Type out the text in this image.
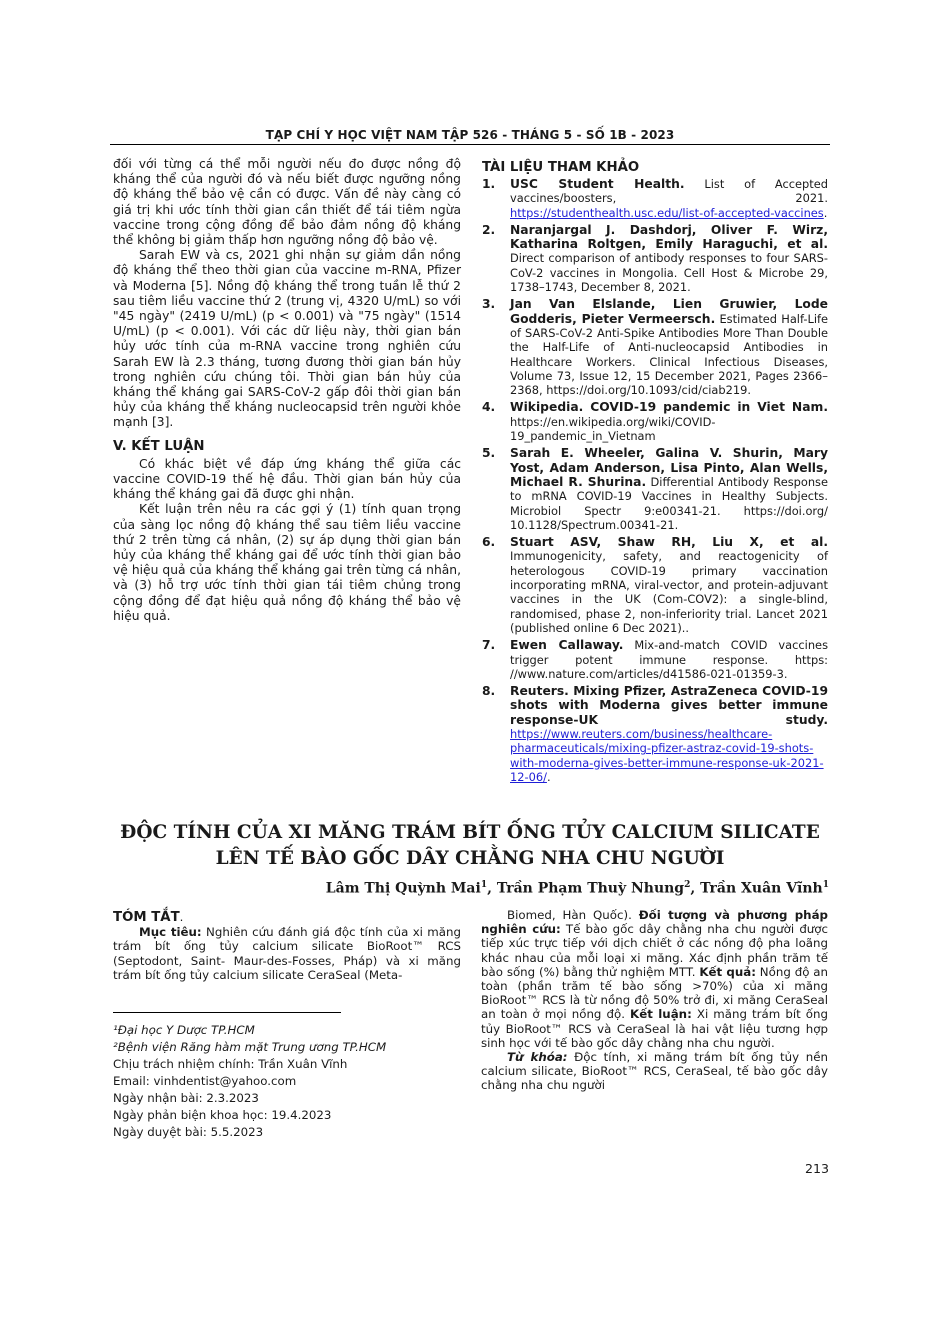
TẠP CHÍ Y HỌC VIỆT NAM TẬP 526 - THÁNG 5 - SỐ 1B - 2023

đối với từng cá thể mỗi người nếu đo được nồng độ kháng thể của người đó và nếu biết được ngưỡng nồng độ kháng thể bảo vệ cần có được. Vấn đề này càng có giá trị khi ước tính thời gian cần thiết để tái tiêm ngừa vaccine trong cộng đồng để bảo đảm nồng độ kháng thể không bị giảm thấp hơn ngưỡng nồng độ bảo vệ.

Sarah EW và cs, 2021 ghi nhận sự giảm dần nồng độ kháng thể theo thời gian của vaccine m-RNA, Pfizer và Moderna [5]. Nồng độ kháng thể trong tuần lễ thứ 2 sau tiêm liều vaccine thứ 2 (trung vị, 4320 U/mL) so với "45 ngày" (2419 U/mL) (p < 0.001) và "75 ngày" (1514 U/mL) (p < 0.001). Với các dữ liệu này, thời gian bán hủy ước tính của m-RNA vaccine trong nghiên cứu Sarah EW là 2.3 tháng, tương đương thời gian bán hủy trong nghiên cứu chúng tôi. Thời gian bán hủy của kháng thể kháng gai SARS-CoV-2 gấp đôi thời gian bán hủy của kháng thể kháng nucleocapsid trên người khỏe mạnh [3].

V. KẾT LUẬN

Có khác biệt về đáp ứng kháng thể giữa các vaccine COVID-19 thế hệ đầu. Thời gian bán hủy của kháng thể kháng gai đã được ghi nhận.

Kết luận trên nêu ra các gợi ý (1) tính quan trọng của sàng lọc nồng độ kháng thể sau tiêm liều vaccine thứ 2 trên từng cá nhân, (2) sự áp dụng thời gian bán hủy của kháng thể kháng gai để ước tính thời gian bảo vệ hiệu quả của kháng thể kháng gai trên từng cá nhân, và (3) hỗ trợ ước tính thời gian tái tiêm chủng trong cộng đồng để đạt hiệu quả nồng độ kháng thể bảo vệ hiệu quả.

TÀI LIỆU THAM KHẢO
1. USC Student Health. List of Accepted vaccines/boosters, 2021. https://studenthealth.usc.edu/list-of-accepted-vaccines.
2. Naranjargal J. Dashdorj, Oliver F. Wirz, Katharina Roltgen, Emily Haraguchi, et al. Direct comparison of antibody responses to four SARS-CoV-2 vaccines in Mongolia. Cell Host & Microbe 29, 1738–1743, December 8, 2021.
3. Jan Van Elslande, Lien Gruwier, Lode Godderis, Pieter Vermeersch. Estimated Half-Life of SARS-CoV-2 Anti-Spike Antibodies More Than Double the Half-Life of Anti-nucleocapsid Antibodies in Healthcare Workers. Clinical Infectious Diseases, Volume 73, Issue 12, 15 December 2021, Pages 2366–2368, https://doi.org/10.1093/cid/ciab219.
4. Wikipedia. COVID-19 pandemic in Viet Nam. https://en.wikipedia.org/wiki/COVID-19_pandemic_in_Vietnam
5. Sarah E. Wheeler, Galina V. Shurin, Mary Yost, Adam Anderson, Lisa Pinto, Alan Wells, Michael R. Shurina. Differential Antibody Response to mRNA COVID-19 Vaccines in Healthy Subjects. Microbiol Spectr 9:e00341-21. https://doi.org/ 10.1128/Spectrum.00341-21.
6. Stuart ASV, Shaw RH, Liu X, et al. Immunogenicity, safety, and reactogenicity of heterologous COVID-19 primary vaccination incorporating mRNA, viral-vector, and protein-adjuvant vaccines in the UK (Com-COV2): a single-blind, randomised, phase 2, non-inferiority trial. Lancet 2021 (published online 6 Dec 2021)..
7. Ewen Callaway. Mix-and-match COVID vaccines trigger potent immune response. https: //www.nature.com/articles/d41586-021-01359-3.
8. Reuters. Mixing Pfizer, AstraZeneca COVID-19 shots with Moderna gives better immune response-UK study. https://www.reuters.com/business/healthcare-pharmaceuticals/mixing-pfizer-astraz-covid-19-shots-with-moderna-gives-better-immune-response-uk-2021-12-06/.
ĐỘC TÍNH CỦA XI MĂNG TRÁM BÍT ỐNG TỦY CALCIUM SILICATE
LÊN TẾ BÀO GỐC DÂY CHẰNG NHA CHU NGƯỜI
Lâm Thị Quỳnh Mai$^1$, Trần Phạm Thuỳ Nhung$^2$, Trần Xuân Vĩnh$^1$
TÓM TẮT.
Mục tiêu: Nghiên cứu đánh giá độc tính của xi măng trám bít ống tủy calcium silicate BioRoot™ RCS (Septodont, Saint- Maur-des-Fosses, Pháp) và xi măng trám bít ống tủy calcium silicate CeraSeal (Meta-
Biomed, Hàn Quốc). Đối tượng và phương pháp nghiên cứu: Tế bào gốc dây chằng nha chu người được tiếp xúc trực tiếp với dịch chiết ở các nồng độ pha loãng khác nhau của mỗi loại xi măng. Xác định phần trăm tế bào sống (%) bằng thử nghiệm MTT. Kết quả: Nồng độ an toàn (phần trăm tế bào sống >70%) của xi măng BioRoot™ RCS là từ nồng độ 50% trở đi, xi măng CeraSeal an toàn ở mọi nồng độ. Kết luận: Xi măng trám bít ống tủy BioRoot™ RCS và CeraSeal là hai vật liệu tương hợp sinh học với tế bào gốc dây chằng nha chu người.
Từ khóa: Độc tính, xi măng trám bít ống tủy nền calcium silicate, BioRoot™ RCS, CeraSeal, tế bào gốc dây chằng nha chu người
¹Đại học Y Dược TP.HCM
²Bệnh viện Răng hàm mặt Trung ương TP.HCM
Chịu trách nhiệm chính: Trần Xuân Vĩnh
Email: vinhdentist@yahoo.com
Ngày nhận bài: 2.3.2023
Ngày phản biện khoa học: 19.4.2023
Ngày duyệt bài: 5.5.2023
213
